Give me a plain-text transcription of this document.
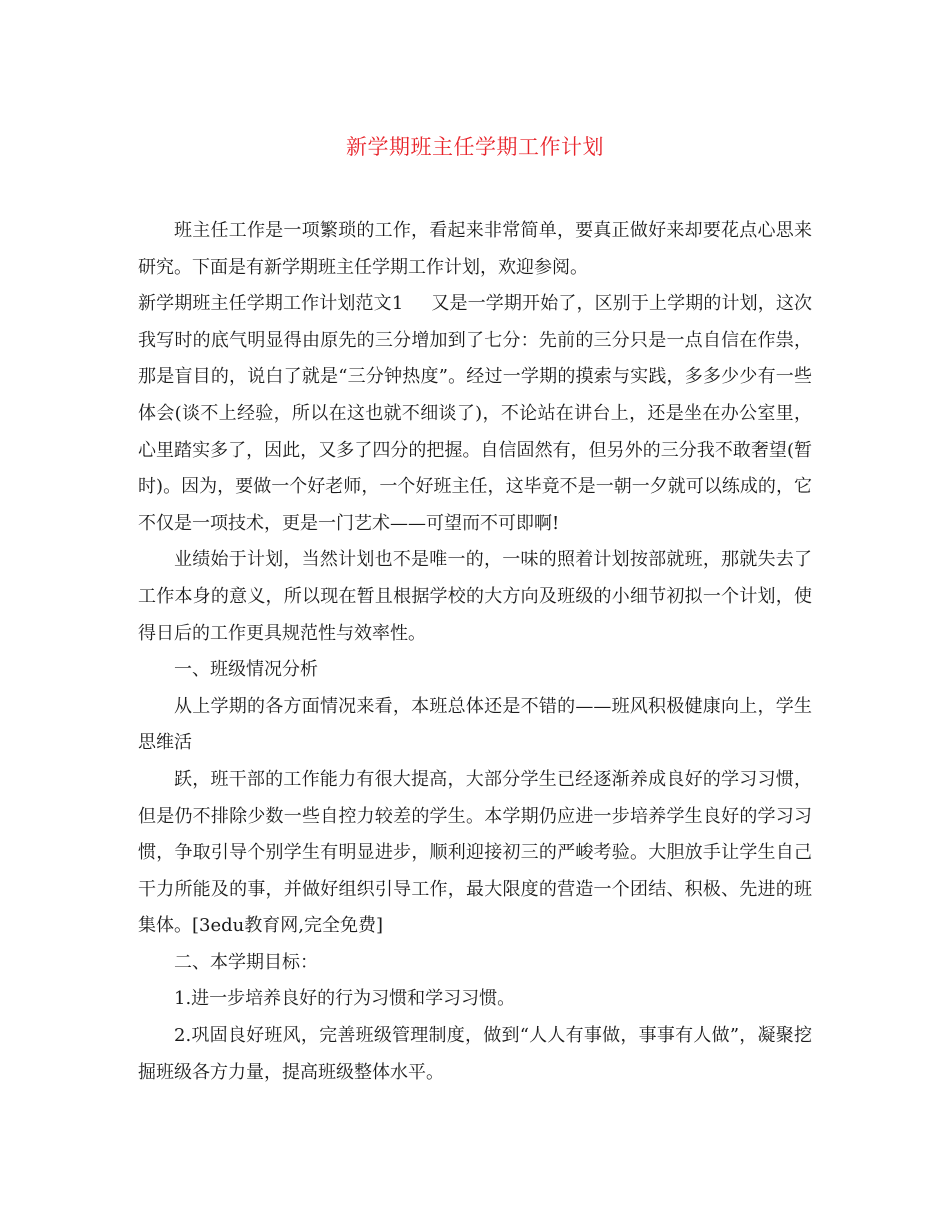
新学期班主任学期工作计划

班主任工作是一项繁琐的工作，看起来非常简单，要真正做好来却要花点心思来研究。下面是有新学期班主任学期工作计划，欢迎参阅。

新学期班主任学期工作计划范文1 又是一学期开始了，区别于上学期的计划，这次我写时的底气明显得由原先的三分增加到了七分：先前的三分只是一点自信在作祟，那是盲目的，说白了就是“三分钟热度”。经过一学期的摸索与实践，多多少少有一些体会(谈不上经验，所以在这也就不细谈了)，不论站在讲台上，还是坐在办公室里，心里踏实多了，因此，又多了四分的把握。自信固然有，但另外的三分我不敢奢望(暂时)。因为，要做一个好老师，一个好班主任，这毕竟不是一朝一夕就可以练成的，它不仅是一项技术，更是一门艺术——可望而不可即啊!

业绩始于计划，当然计划也不是唯一的，一味的照着计划按部就班，那就失去了工作本身的意义，所以现在暂且根据学校的大方向及班级的小细节初拟一个计划，使得日后的工作更具规范性与效率性。

一、班级情况分析

从上学期的各方面情况来看，本班总体还是不错的——班风积极健康向上，学生思维活

跃，班干部的工作能力有很大提高，大部分学生已经逐渐养成良好的学习习惯，但是仍不排除少数一些自控力较差的学生。本学期仍应进一步培养学生良好的学习习惯，争取引导个别学生有明显进步，顺利迎接初三的严峻考验。大胆放手让学生自己干力所能及的事，并做好组织引导工作，最大限度的营造一个团结、积极、先进的班集体。[3edu教育网,完全免费]

二、本学期目标：

1.进一步培养良好的行为习惯和学习习惯。

2.巩固良好班风，完善班级管理制度，做到“人人有事做，事事有人做”，凝聚挖掘班级各方力量，提高班级整体水平。
